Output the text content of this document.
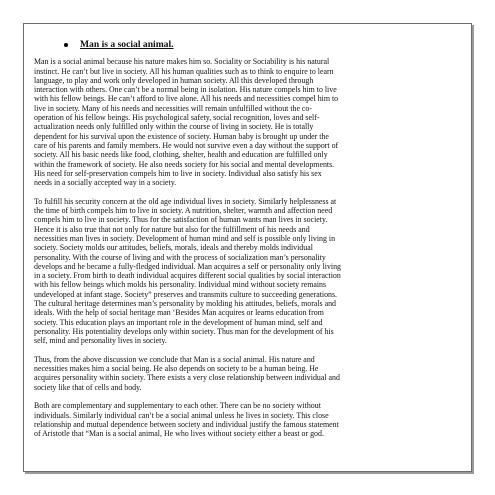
Man is a social animal.

Man is a social animal because his nature makes him so. Sociality or Sociability is his natural
instinct. He can’t but live in society. All his human qualities such as to think to enquire to learn
language, to play and work only developed in human society. All this developed through
interaction with others. One can’t be a normal being in isolation. His nature compels him to live
with his fellow beings. He can’t afford to live alone. All his needs and necessities compel him to
live in society. Many of his needs and necessities will remain unfulfilled without the co-
operation of his fellow beings. His psychological safety, social recognition, loves and self-
actualization needs only fulfilled only within the course of living in society. He is totally
dependent for his survival upon the existence of society. Human baby is brought up under the
care of his parents and family members. He would not survive even a day without the support of
society. All his basic needs like food, clothing, shelter, health and education are fulfilled only
within the framework of society. He also needs society for his social and mental developments.
His need for self-preservation compels him to live in society. Individual also satisfy his sex
needs in a socially accepted way in a society.

To fulfill his security concern at the old age individual lives in society. Similarly helplessness at
the time of birth compels him to live in society. A nutrition, shelter, warmth and affection need
compels him to live in society. Thus for the satisfaction of human wants man lives in society.
Hence it is also true that not only for nature but also for the fulfillment of his needs and
necessities man lives in society. Development of human mind and self is possible only living in
society. Society molds our attitudes, beliefs, morals, ideals and thereby molds individual
personality. With the course of living and with the process of socialization man’s personality
develops and he became a fully-fledged individual. Man acquires a self or personality only living
in a society. From birth to death individual acquires different social qualities by social interaction
with his fellow beings which molds his personality. Individual mind without society remains
undeveloped at infant stage. Society” preserves and transmits culture to succeeding generations.
The cultural heritage determines man’s personality by molding his attitudes, beliefs, morals and
ideals. With the help of social heritage man ‘Besides Man acquires or learns education from
society. This education plays an important role in the development of human mind, self and
personality. His potentiality develops only within society. Thus man for the development of his
self, mind and personality lives in society.

Thus, from the above discussion we conclude that Man is a social animal. His nature and
necessities makes him a social being. He also depends on society to be a human being. He
acquires personality within society. There exists a very close relationship between individual and
society like that of cells and body.

Both are complementary and supplementary to each other. There can be no society without
individuals. Similarly individual can’t be a social animal unless he lives in society. This close
relationship and mutual dependence between society and individual justify the famous statement
of Aristotle that “Man is a social animal, He who lives without society either a beast or god.
